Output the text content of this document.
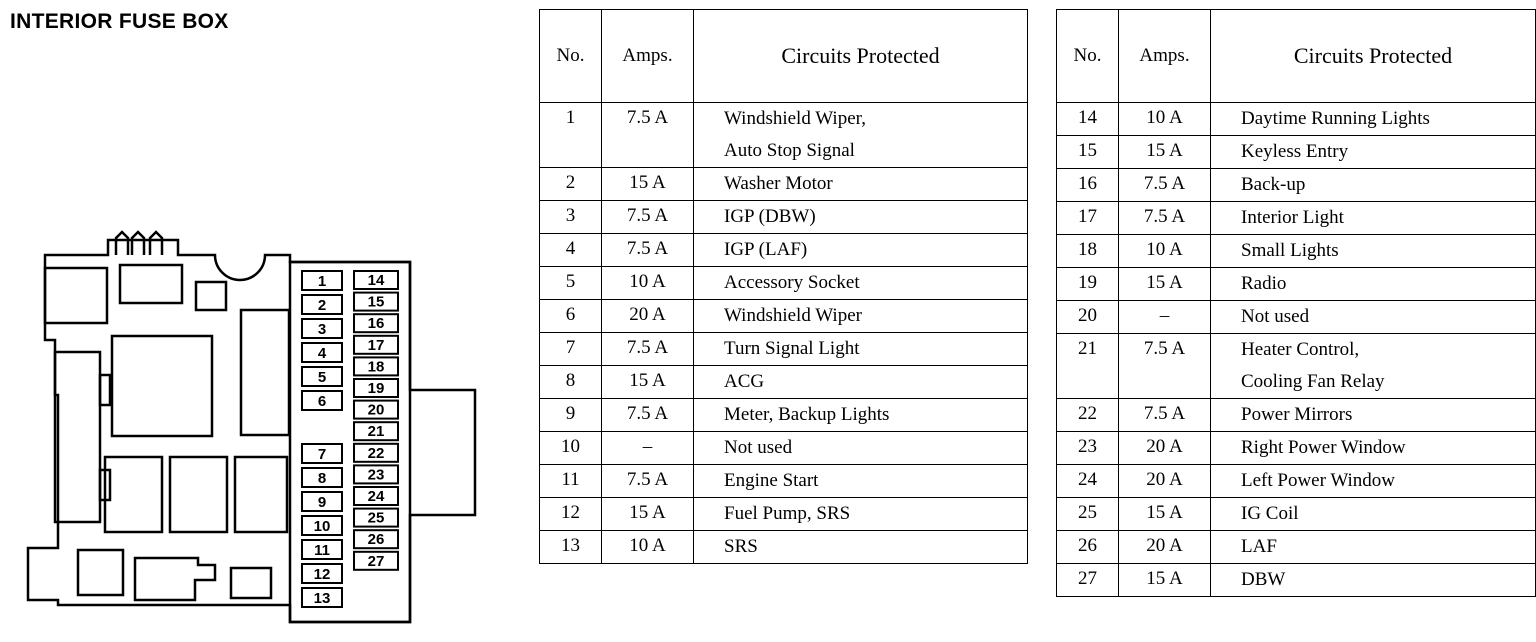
INTERIOR FUSE BOX
1
2
3
4
5
6
7
8
9
10
11
12
13
14
15
16
17
18
19
20
21
22
23
24
25
26
27
No.	Amps.	Circuits Protected
1	7.5 A	Windshield Wiper,
Auto Stop Signal

2	15 A	Washer Motor

3	7.5 A	IGP (DBW)

4	7.5 A	IGP (LAF)

5	10 A	Accessory Socket

6	20 A	Windshield Wiper

7	7.5 A	Turn Signal Light

8	15 A	ACG

9	7.5 A	Meter, Backup Lights

10	–	Not used

11	7.5 A	Engine Start

12	15 A	Fuel Pump, SRS

13	10 A	SRS
No.	Amps.	Circuits Protected
14	10 A	Daytime Running Lights

15	15 A	Keyless Entry

16	7.5 A	Back-up

17	7.5 A	Interior Light

18	10 A	Small Lights

19	15 A	Radio

20	–	Not used

21	7.5 A	Heater Control,
Cooling Fan Relay

22	7.5 A	Power Mirrors

23	20 A	Right Power Window

24	20 A	Left Power Window

25	15 A	IG Coil

26	20 A	LAF

27	15 A	DBW
